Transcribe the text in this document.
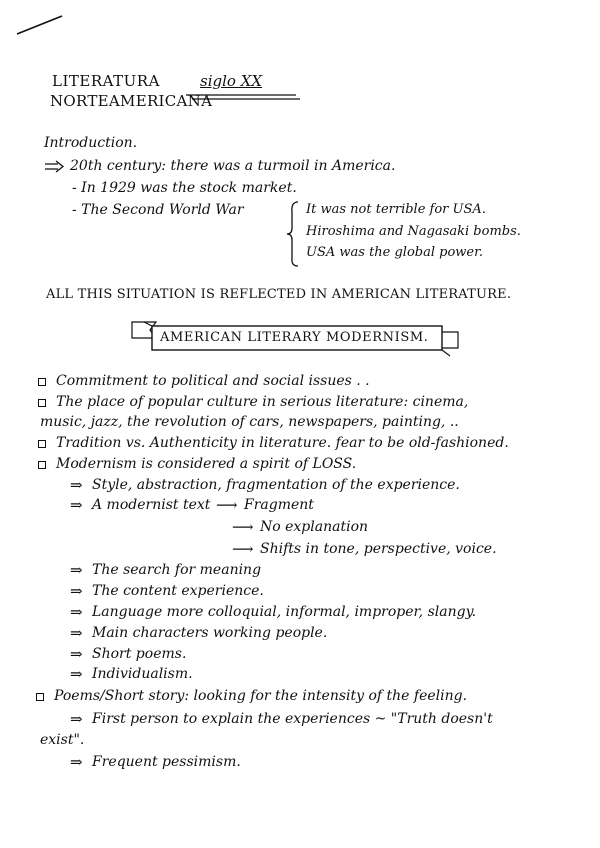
LITERATURA
NORTEAMERICANA
siglo XX
Introduction.
20th century: there was a turmoil in America.
- In 1929 was the stock market.
- The Second World War	It was not terrible for USA.
Hiroshima and Nagasaki bombs.
USA was the global power.
ALL THIS SITUATION IS REFLECTED IN AMERICAN LITERATURE.
AMERICAN LITERARY MODERNISM.
Commitment to political and social issues . .
The place of popular culture in serious literature: cinema,
music, jazz, the revolution of cars, newspapers, painting, ..
Tradition vs. Authenticity in literature. fear to be old-fashioned.
Modernism is considered a spirit of LOSS.
⇒ Style, abstraction, fragmentation of the experience.
⇒ A modernist text ⟶ Fragment
⟶ No explanation
⟶ Shifts in tone, perspective, voice.
⇒ The search for meaning
⇒ The content experience.
⇒ Language more colloquial, informal, improper, slangy.
⇒ Main characters working people.
⇒ Short poems.
⇒ Individualism.
Poems/Short story: looking for the intensity of the feeling.
⇒ First person to explain the experiences ~ "Truth doesn't
exist".
⇒ Frequent pessimism.
